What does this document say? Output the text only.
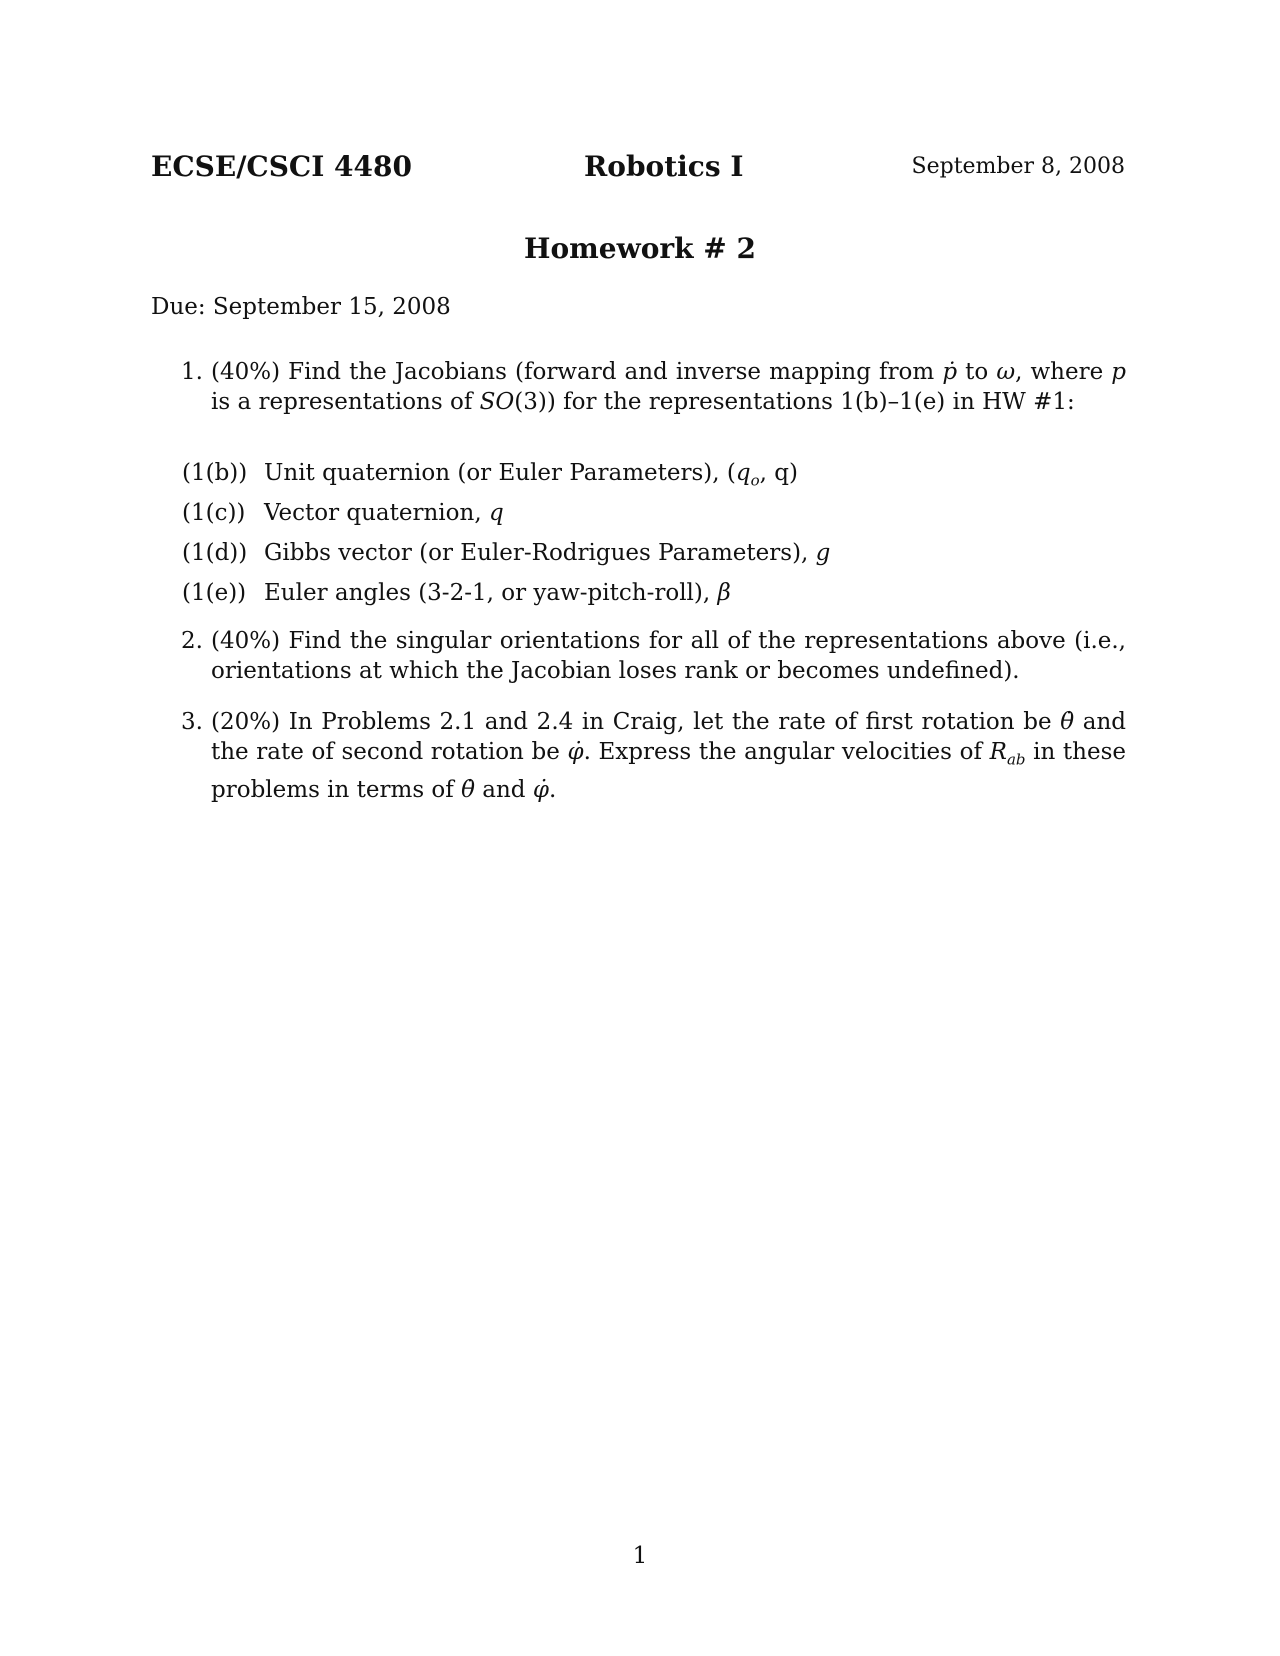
ECSE/CSCI 4480	Robotics I	September 8, 2008
Homework # 2
Due: September 15, 2008
1. (40%) Find the Jacobians (forward and inverse mapping from ṗ to ω, where p is a representations of SO(3)) for the representations 1(b)–1(e) in HW #1:
(1(b)) Unit quaternion (or Euler Parameters), ($q_o$, q)
(1(c)) Vector quaternion, q
(1(d)) Gibbs vector (or Euler-Rodrigues Parameters), g
(1(e)) Euler angles (3-2-1, or yaw-pitch-roll), β
2. (40%) Find the singular orientations for all of the representations above (i.e., orientations at which the Jacobian loses rank or becomes undefined).
3. (20%) In Problems 2.1 and 2.4 in Craig, let the rate of first rotation be θ̇ and the rate of second rotation be φ̇. Express the angular velocities of $R_{ab}$ in these problems in terms of θ̇ and φ̇.
1
